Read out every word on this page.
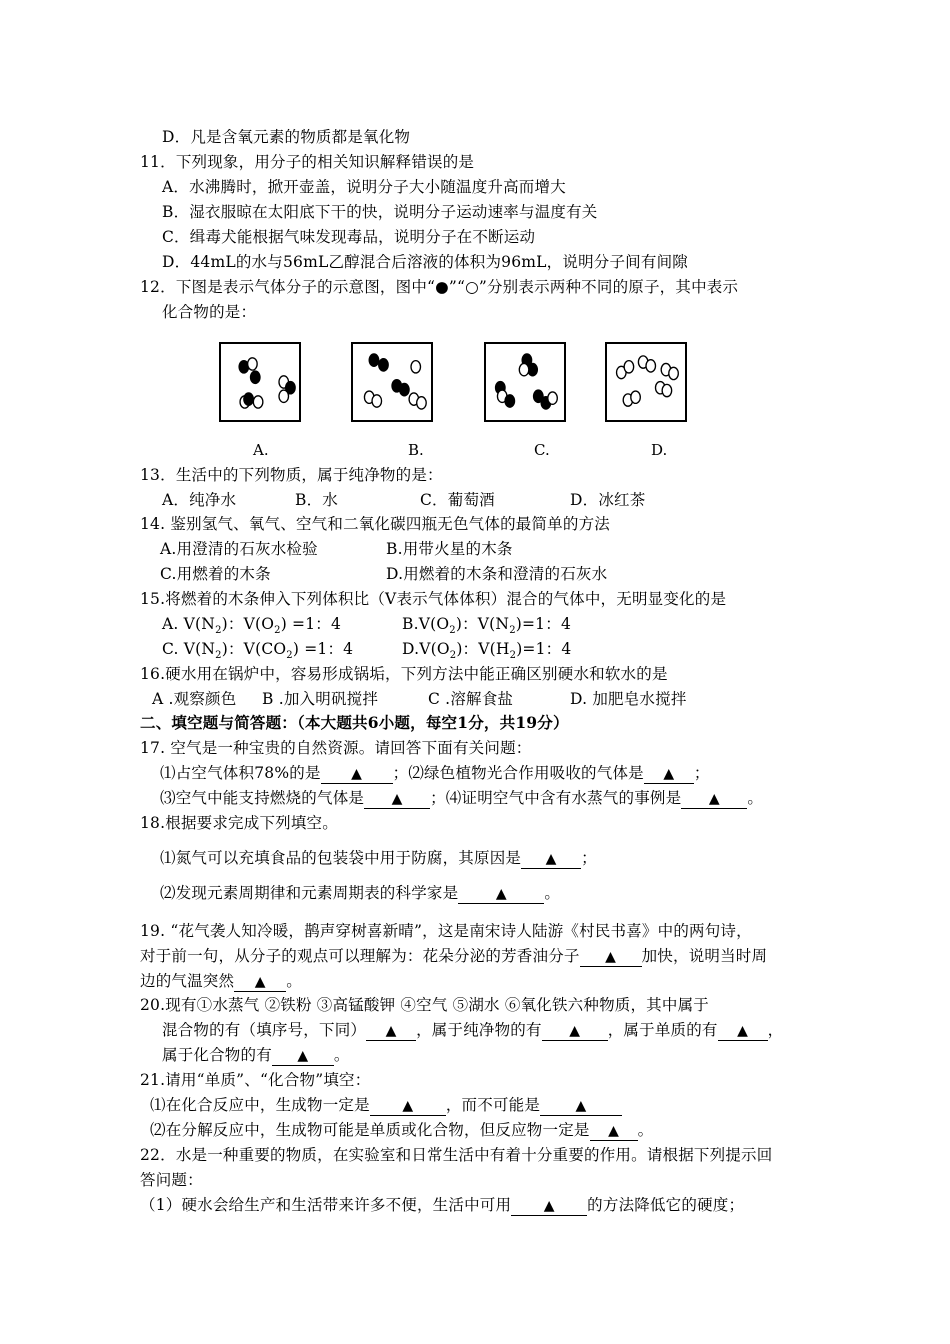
D．凡是含氧元素的物质都是氧化物
11．下列现象，用分子的相关知识解释错误的是
A．水沸腾时，掀开壶盖，说明分子大小随温度升高而增大
B．湿衣服晾在太阳底下干的快，说明分子运动速率与温度有关
C．缉毒犬能根据气味发现毒品，说明分子在不断运动
D．44mL的水与56mL乙醇混合后溶液的体积为96mL，说明分子间有间隙
12．下图是表示气体分子的示意图，图中“●”“○”分别表示两种不同的原子，其中表示
化合物的是：
A.	B.	C.	D.
13．生活中的下列物质，属于纯净物的是：
A．纯净水	B．水	C．葡萄酒	D．冰红茶
14. 鉴别氢气、氧气、空气和二氧化碳四瓶无色气体的最简单的方法
A.用澄清的石灰水检验	B.用带火星的木条
C.用燃着的木条	D.用燃着的木条和澄清的石灰水
15.将燃着的木条伸入下列体积比（V表示气体体积）混合的气体中，无明显变化的是
A. $V(N_2)$：$V(O_2) =1$：4	$B.V(O_2)$：$V(N_2)=1$：4
C. $V(N_2)$：$V(CO_2) =1$：4	$D.V(O_2)$：$V(H_2)=1$：4
16.硬水用在锅炉中，容易形成锅垢，下列方法中能正确区别硬水和软水的是
A .观察颜色 B .加入明矾搅拌	C .溶解食盐	D. 加肥皂水搅拌
二、填空题与简答题：（本大题共6小题，每空1分，共19分）
17. 空气是一种宝贵的自然资源。请回答下面有关问题：
⑴占空气体积78%的是 ▲ ；⑵绿色植物光合作用吸收的气体是 ▲ ；
⑶空气中能支持燃烧的气体是 ▲ ；⑷证明空气中含有水蒸气的事例是 ▲ 。
18.根据要求完成下列填空。
⑴氮气可以充填食品的包装袋中用于防腐，其原因是 ▲ ；
⑵发现元素周期律和元素周期表的科学家是	▲ 。
19. “花气袭人知冷暖，鹊声穿树喜新晴”，这是南宋诗人陆游《村民书喜》中的两句诗，
对于前一句，从分子的观点可以理解为：花朵分泌的芳香油分子 ▲ 加快，说明当时周
边的气温突然 ▲ 。
20.现有①水蒸气 ②铁粉 ③高锰酸钾 ④空气 ⑤湖水 ⑥氧化铁六种物质，其中属于
混合物的有（填序号，下同） ▲ ，属于纯净物的有 ▲ ，属于单质的有 ▲ ，
属于化合物的有 ▲ 。
21.请用“单质”、“化合物”填空：
⑴在化合反应中，生成物一定是 ▲ ，而不可能是	▲
⑵在分解反应中，生成物可能是单质或化合物，但反应物一定是 ▲ 。
22．水是一种重要的物质，在实验室和日常生活中有着十分重要的作用。请根据下列提示回
答问题：
（1）硬水会给生产和生活带来许多不便，生活中可用 ▲ 的方法降低它的硬度；
